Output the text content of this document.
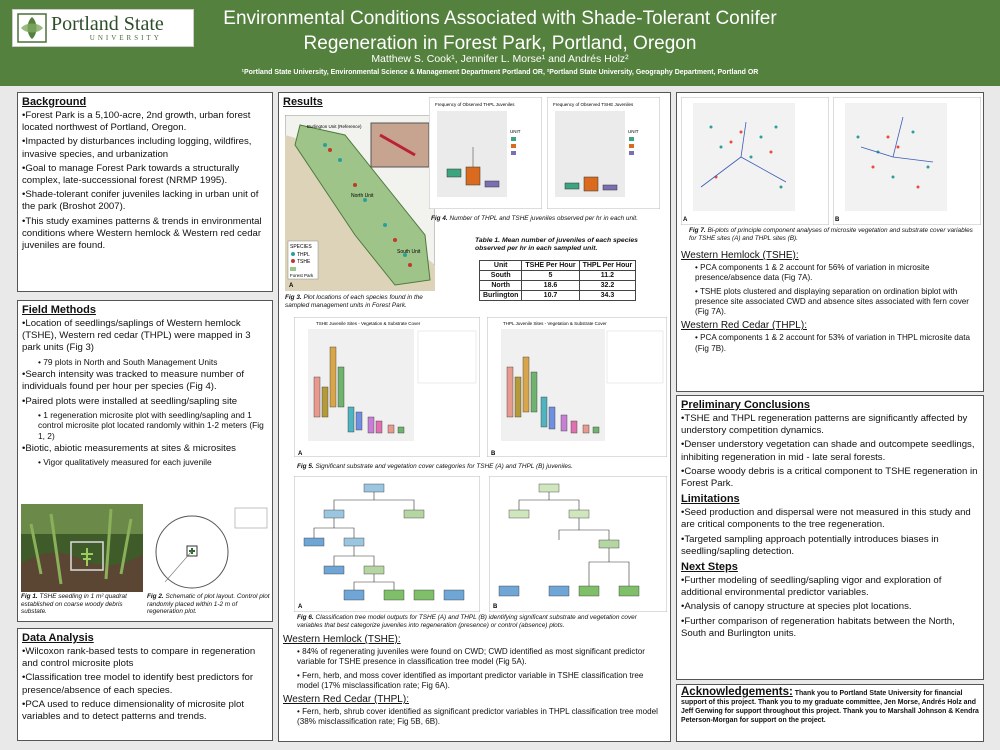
Portland State
UNIVERSITY
Environmental Conditions Associated with Shade-Tolerant Conifer
Regeneration in Forest Park, Portland, Oregon
Matthew S. Cook¹, Jennifer L. Morse¹ and Andrés Holz²
¹Portland State University, Environmental Science & Management Department Portland OR, ²Portland State University, Geography Department, Portland OR
Background

•Forest Park is a 5,100-acre, 2nd growth, urban forest located northwest of Portland, Oregon.

•Impacted by disturbances including logging, wildfires, invasive species, and urbanization

•Goal to manage Forest Park towards a structurally complex, late-successional forest (NRMP 1995).

•Shade-tolerant conifer juveniles lacking in urban unit of the park (Broshot 2007).

•This study examines patterns & trends in environmental conditions where Western hemlock & Western red cedar juveniles are found.

Field Methods

•Location of seedlings/saplings of Western hemlock (TSHE), Western red cedar (THPL) were mapped in 3 park units (Fig 3)

• 79 plots in North and South Management Units

•Search intensity was tracked to measure number of individuals found per hour per species (Fig 4).

•Paired plots were installed at seedling/sapling site

• 1 regeneration microsite plot with seedling/sapling and 1 control microsite plot located randomly within 1-2 meters (Fig 1, 2)

•Biotic, abiotic measurements at sites & microsites

• Vigor qualitatively measured for each juvenile
Fig 1. TSHE seedling in 1 m² quadrat established on coarse woody debris substate.
Fig 2. Schematic of plot layout. Control plot randomly placed within 1-2 m of regeneration plot.
Data Analysis

•Wilcoxon rank-based tests to compare in regeneration and control microsite plots

•Classification tree model to identify best predictors for presence/absence of each species.

•PCA used to reduce dimensionality of microsite plot variables and to detect patterns and trends.

Results
SPECIES
THPL
TSHE
Forest Park
Burlington Unit (Reference)
North Unit
South Unit
A
Fig 3. Plot locations of each species found in the sampled management units in Forest Park.
Frequency of Observed THPL Juveniles
UNIT
Frequency of Observed TSHE Juveniles
UNIT
Fig 4. Number of THPL and TSHE juveniles observed per hr in each unit.
Table 1. Mean number of juveniles of each species observed per hr in each sampled unit.
Unit	TSHE Per Hour	THPL Per Hour
South	5	11.2
North	18.6	32.2
Burlington	10.7	34.3
TSHE Juvenile Sites - Vegetation & Substrate Cover
A
THPL Juvenile Sites - Vegetation & Substrate Cover
B
Fig 5. Significant substrate and vegetation cover categories for TSHE (A) and THPL (B) juveniles.
A	B
Fig 6. Classification tree model outputs for TSHE (A) and THPL (B) identifying significant substrate and vegetation cover variables that best categorize juveniles into regeneration (presence) or control (absence) plots.
Western Hemlock (TSHE):
• 84% of regenerating juveniles were found on CWD; CWD identified as most significant predictor variable for TSHE presence in classification tree model (Fig 5A).
• Fern, herb, and moss cover identified as important predictor variable in TSHE classification tree model (17% misclassification rate; Fig 6A).
Western Red Cedar (THPL):
• Fern, herb, shrub cover identified as significant predictor variables in THPL classification tree model (38% misclassification rate; Fig 5B, 6B).
A	B
Fig 7. Bi-plots of principle component analyses of microsite vegetation and substrate cover variables for TSHE sites (A) and THPL sites (B).
Western Hemlock (TSHE):
• PCA components 1 & 2 account for 56% of variation in microsite presence/absence data (Fig 7A).
• TSHE plots clustered and displaying separation on ordination biplot with presence site associated CWD and absence sites associated with fern cover (Fig 7A).
Western Red Cedar (THPL):
• PCA components 1 & 2 account for 53% of variation in THPL microsite data (Fig 7B).
Preliminary Conclusions

•TSHE and THPL regeneration patterns are significantly affected by understory competition dynamics.

•Denser understory vegetation can shade and outcompete seedlings, inhibiting regeneration in mid - late seral forests.

•Coarse woody debris is a critical component to TSHE regeneration in Forest Park.

Limitations

•Seed production and dispersal were not measured in this study and are critical components to the tree regeneration.

•Targeted sampling approach potentially introduces biases in seedling/sapling detection.

Next Steps

•Further modeling of seedling/sapling vigor and exploration of additional environmental predictor variables.

•Analysis of canopy structure at species plot locations.

•Further comparison of regeneration habitats between the North, South and Burlington units.

Acknowledgements: Thank you to Portland State University for financial support of this project. Thank you to my graduate committee, Jen Morse, Andrés Holz and Jeff Gerwing for support throughout this project. Thank you to Marshall Johnson & Kendra Peterson-Morgan for support on the project.
